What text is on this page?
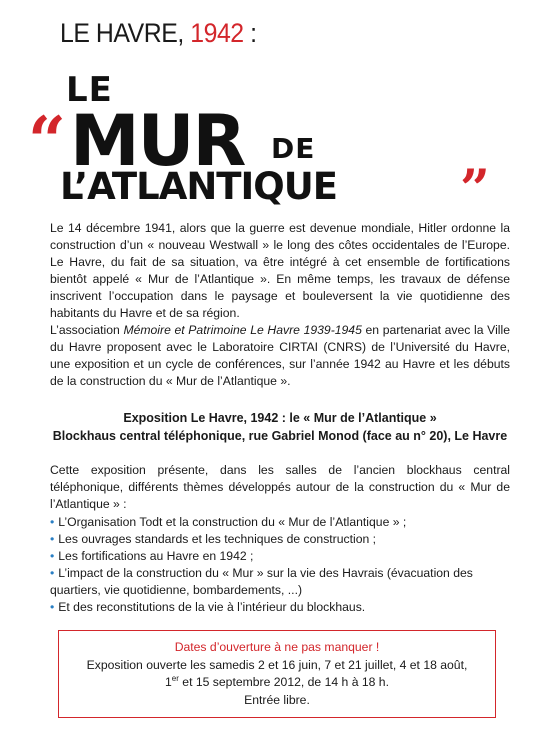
LE HAVRE, 1942 :
LE
“ MUR DE
L’ATLANTIQUE ”

Le 14 décembre 1941, alors que la guerre est devenue mondiale, Hitler ordonne la construction d’un « nouveau Westwall » le long des côtes occidentales de l’Europe. Le Havre, du fait de sa situation, va être intégré à cet ensemble de fortifications bientôt appelé « Mur de l’Atlantique ». En même temps, les travaux de défense inscrivent l’occupation dans le paysage et bouleversent la vie quotidienne des habitants du Havre et de sa région.

L’association Mémoire et Patrimoine Le Havre 1939-1945 en partenariat avec la Ville du Havre proposent avec le Laboratoire CIRTAI (CNRS) de l’Université du Havre, une exposition et un cycle de conférences, sur l’année 1942 au Havre et les débuts de la construction du « Mur de l’Atlantique ».

Exposition Le Havre, 1942 : le « Mur de l’Atlantique »
Blockhaus central téléphonique, rue Gabriel Monod (face au n° 20), Le Havre

Cette exposition présente, dans les salles de l’ancien blockhaus central téléphonique, différents thèmes développés autour de la construction du « Mur de l’Atlantique » :

• L’Organisation Todt et la construction du « Mur de l’Atlantique » ;
• Les ouvrages standards et les techniques de construction ;
• Les fortifications au Havre en 1942 ;
• L’impact de la construction du « Mur » sur la vie des Havrais (évacuation des quartiers, vie quotidienne, bombardements, ...)
• Et des reconstitutions de la vie à l’intérieur du blockhaus.
Dates d’ouverture à ne pas manquer !
Exposition ouverte les samedis 2 et 16 juin, 7 et 21 juillet, 4 et 18 août,
1er et 15 septembre 2012, de 14 h à 18 h.
Entrée libre.
